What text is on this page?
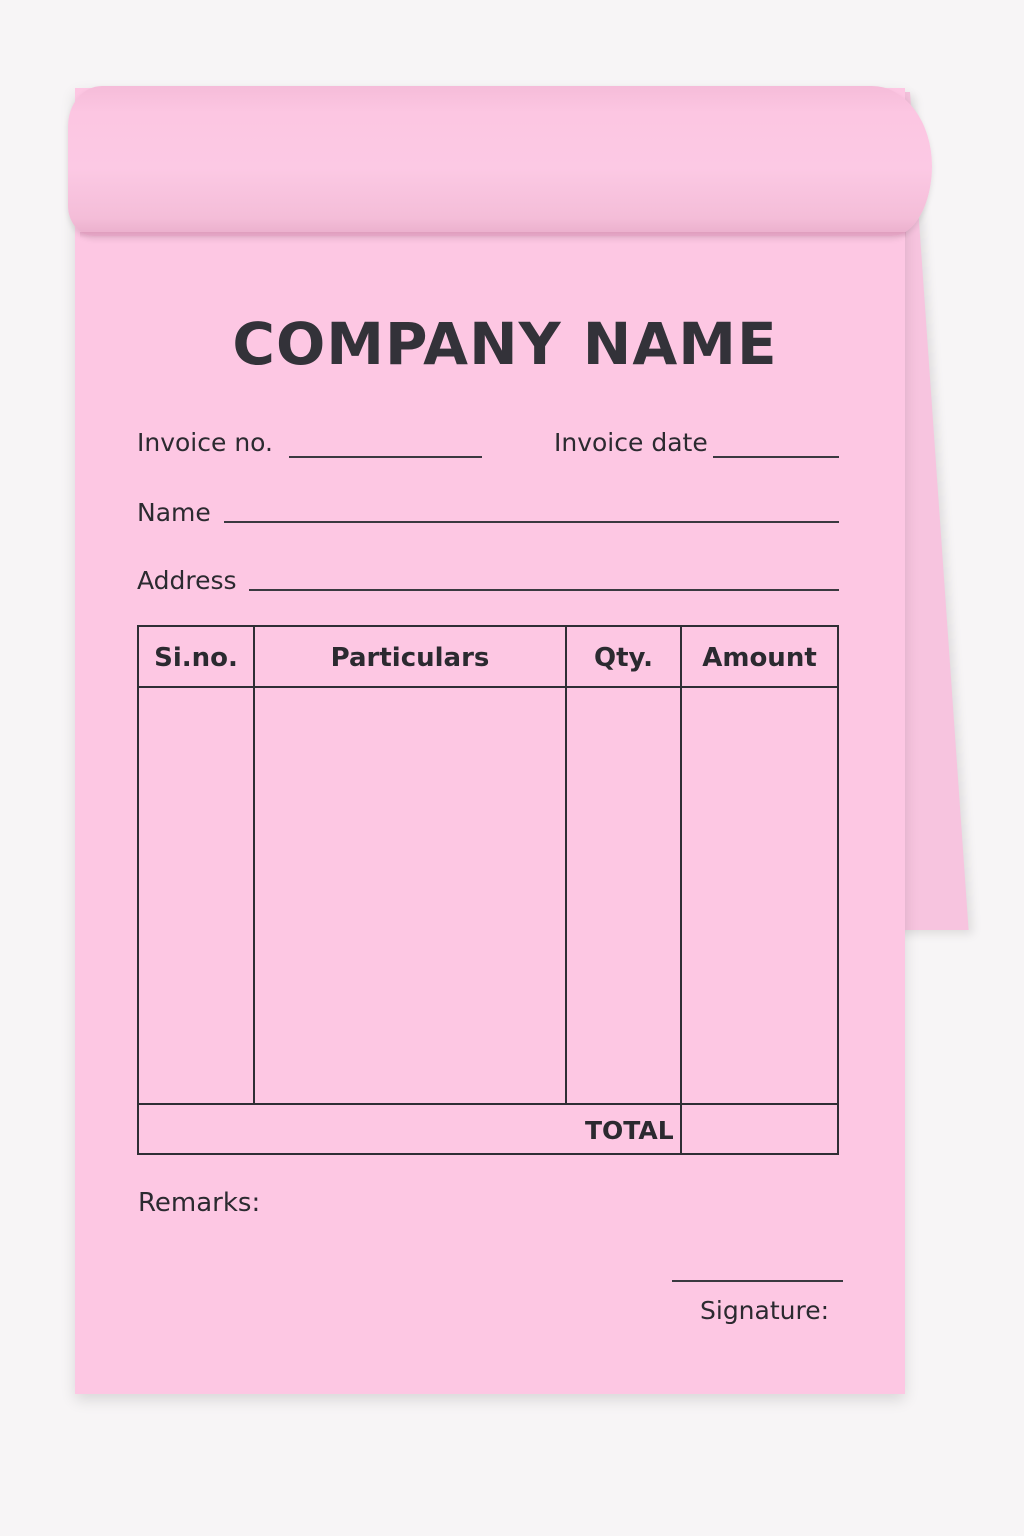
COMPANY NAME
Invoice no.	Invoice date
Name
Address
Si.no.	Particulars	Qty.	Amount
TOTAL
Remarks:
Signature:
